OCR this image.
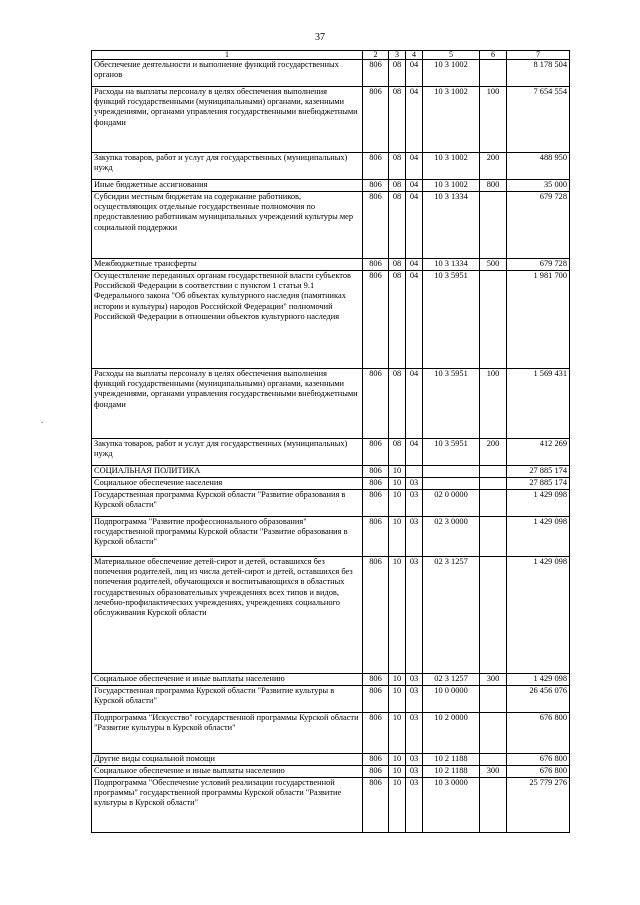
37
.
1	2	3	4	5	6	7
Обеспечение деятельности и выполнение функций государственных органов	806	08	04	10 3 1002		8 178 504
Расходы на выплаты персоналу в целях обеспечения выполнения функций государственными (муниципальными) органами, казенными учреждениями, органами управления государственными внебюджетными фондами	806	08	04	10 3 1002	100	7 654 554
Закупка товаров, работ и услуг для государственных (муниципальных) нужд	806	08	04	10 3 1002	200	488 950
Иные бюджетные ассигнования	806	08	04	10 3 1002	800	35 000
Субсидии местным бюджетам на содержание работников, осуществляющих отдельные государственные полномочия по предоставлению работникам муниципальных учреждений культуры мер социальной поддержки	806	08	04	10 3 1334		679 728
Межбюджетные трансферты	806	08	04	10 3 1334	500	679 728
Осуществление переданных органам государственной власти субъектов Российской Федерации в соответствии с пунктом 1 статьи 9.1 Федерального закона "Об объектах культурного наследия (памятниках истории и культуры) народов Российской Федерации" полномочий Российской Федерации в отношении объектов культурного наследия	806	08	04	10 3 5951		1 981 700
Расходы на выплаты персоналу в целях обеспечения выполнения функций государственными (муниципальными) органами, казенными учреждениями, органами управления государственными внебюджетными фондами	806	08	04	10 3 5951	100	1 569 431
Закупка товаров, работ и услуг для государственных (муниципальных) нужд	806	08	04	10 3 5951	200	412 269
СОЦИАЛЬНАЯ ПОЛИТИКА	806	10				27 885 174
Социальное обеспечение населения	806	10	03			27 885 174
Государственная программа Курской области "Развитие образования в Курской области"	806	10	03	02 0 0000		1 429 098
Подпрограмма "Развитие профессионального образования" государственной программы Курской области "Развитие образования в Курской области"	806	10	03	02 3 0000		1 429 098
Материальное обеспечение детей-сирот и детей, оставшихся без попечения родителей, лиц из числа детей-сирот и детей, оставшихся без попечения родителей, обучающихся и воспитывающихся в областных государственных образовательных учреждениях всех типов и видов, лечебно-профилактических учреждениях, учреждениях социального обслуживания Курской области	806	10	03	02 3 1257		1 429 098
Социальное обеспечение и иные выплаты населению	806	10	03	02 3 1257	300	1 429 098
Государственная программа Курской области "Развитие культуры в Курской области"	806	10	03	10 0 0000		26 456 076
Подпрограмма "Искусство" государственной программы Курской области "Развитие культуры в Курской области"	806	10	03	10 2 0000		676 800
Другие виды социальной помощи	806	10	03	10 2 1188		676 800
Социальное обеспечение и иные выплаты населению	806	10	03	10 2 1188	300	676 800
Подпрограмма "Обеспечение условий реализации государственной программы" государственной программы Курской области "Развитие культуры в Курской области"	806	10	03	10 3 0000		25 779 276
